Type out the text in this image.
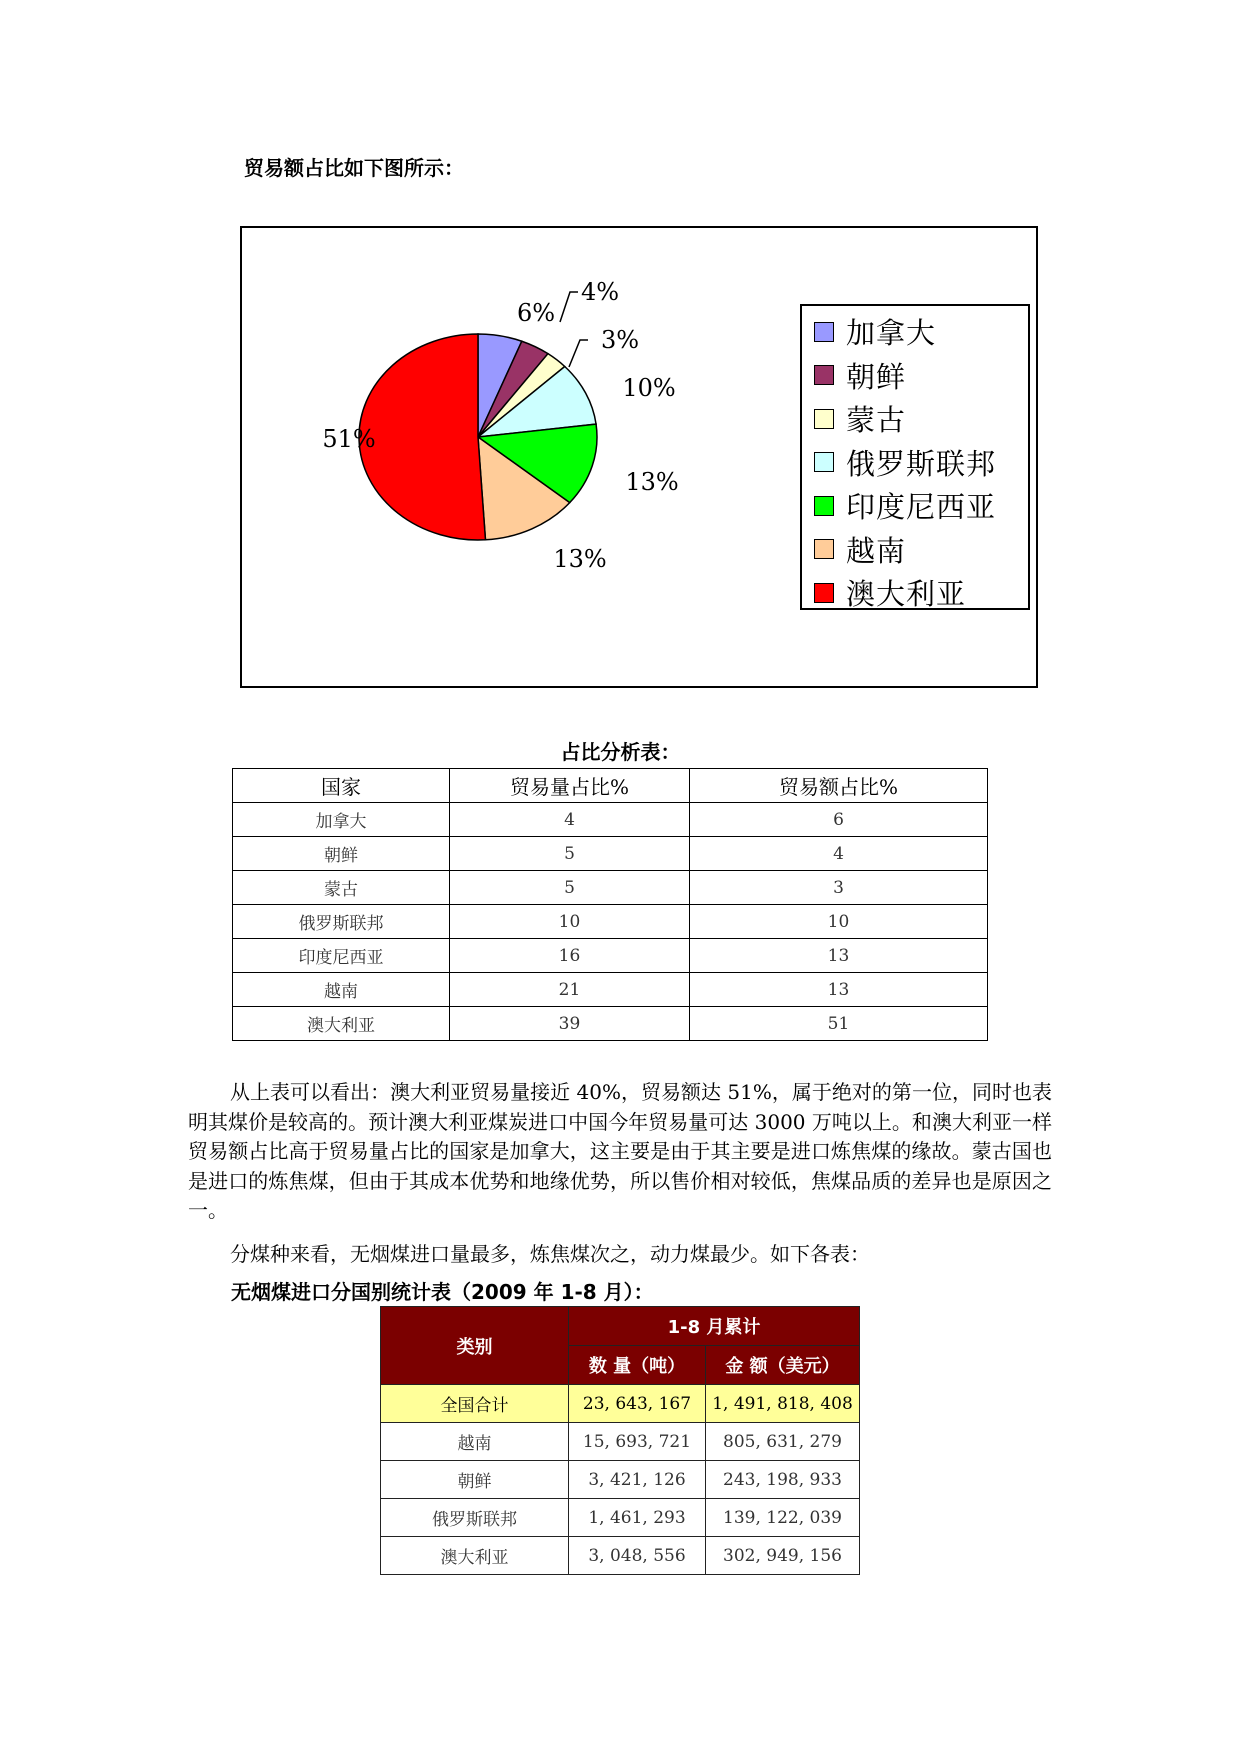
贸易额占比如下图所示：
6%
4%
3%
10%
13%
13%
51%
加拿大
朝鲜
蒙古
俄罗斯联邦
印度尼西亚
越南
澳大利亚
占比分析表：
国家	贸易量占比%	贸易额占比%
加拿大	4	6
朝鲜	5	4
蒙古	5	3
俄罗斯联邦	10	10
印度尼西亚	16	13
越南	21	13
澳大利亚	39	51
从上表可以看出：澳大利亚贸易量接近 40%，贸易额达 51%，属于绝对的第一位，同时也表明其煤价是较高的。预计澳大利亚煤炭进口中国今年贸易量可达 3000 万吨以上。和澳大利亚一样贸易额占比高于贸易量占比的国家是加拿大，这主要是由于其主要是进口炼焦煤的缘故。蒙古国也是进口的炼焦煤，但由于其成本优势和地缘优势，所以售价相对较低，焦煤品质的差异也是原因之一。
分煤种来看，无烟煤进口量最多，炼焦煤次之，动力煤最少。如下各表：
无烟煤进口分国别统计表（2009 年 1-8 月）：
类别	1-8 月累计	
	数 量（吨）	金 额（美元）
全国合计	23, 643, 167	1, 491, 818, 408
越南	15, 693, 721	805, 631, 279
朝鲜	3, 421, 126	243, 198, 933
俄罗斯联邦	1, 461, 293	139, 122, 039
澳大利亚	3, 048, 556	302, 949, 156
